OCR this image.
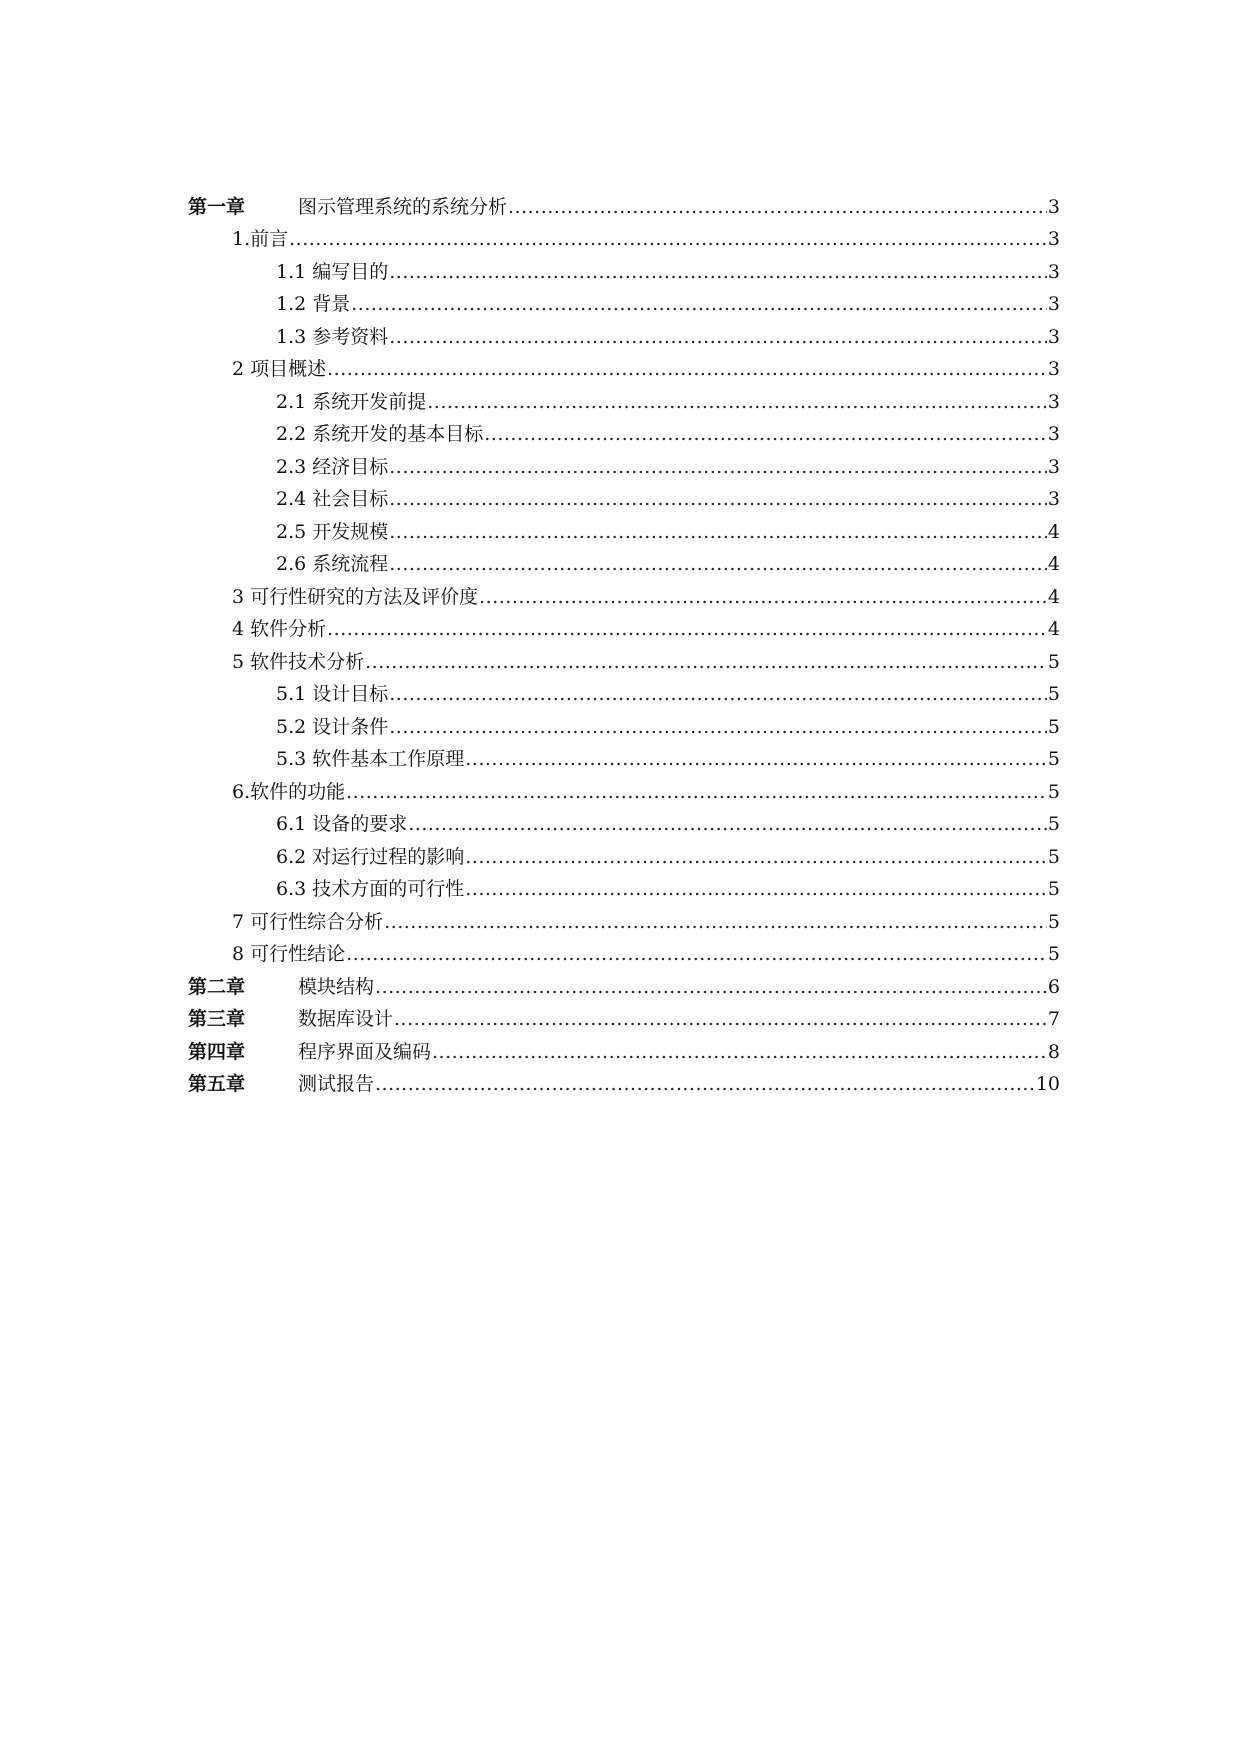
第一章	图示管理系统的系统分析 .....	3
1.前言 .....	3
1.1 编写目的 .....	3
1.2 背景 .....	3
1.3 参考资料 .....	3
2 项目概述 .....	3
2.1 系统开发前提 .....	3
2.2 系统开发的基本目标 .....	3
2.3 经济目标 .....	3
2.4 社会目标 .....	3
2.5 开发规模 .....	4
2.6 系统流程 .....	4
3 可行性研究的方法及评价度 .....	4
4 软件分析 .....	4
5 软件技术分析 .....	5
5.1 设计目标 .....	5
5.2 设计条件 .....	5
5.3 软件基本工作原理 .....	5
6.软件的功能 .....	5
6.1 设备的要求 .....	5
6.2 对运行过程的影响 .....	5
6.3 技术方面的可行性 .....	5
7 可行性综合分析 .....	5
8 可行性结论 .....	5
第二章	模块结构 .....	6
第三章	数据库设计 .....	7
第四章	程序界面及编码 .....	8
第五章	测试报告 .....	10
